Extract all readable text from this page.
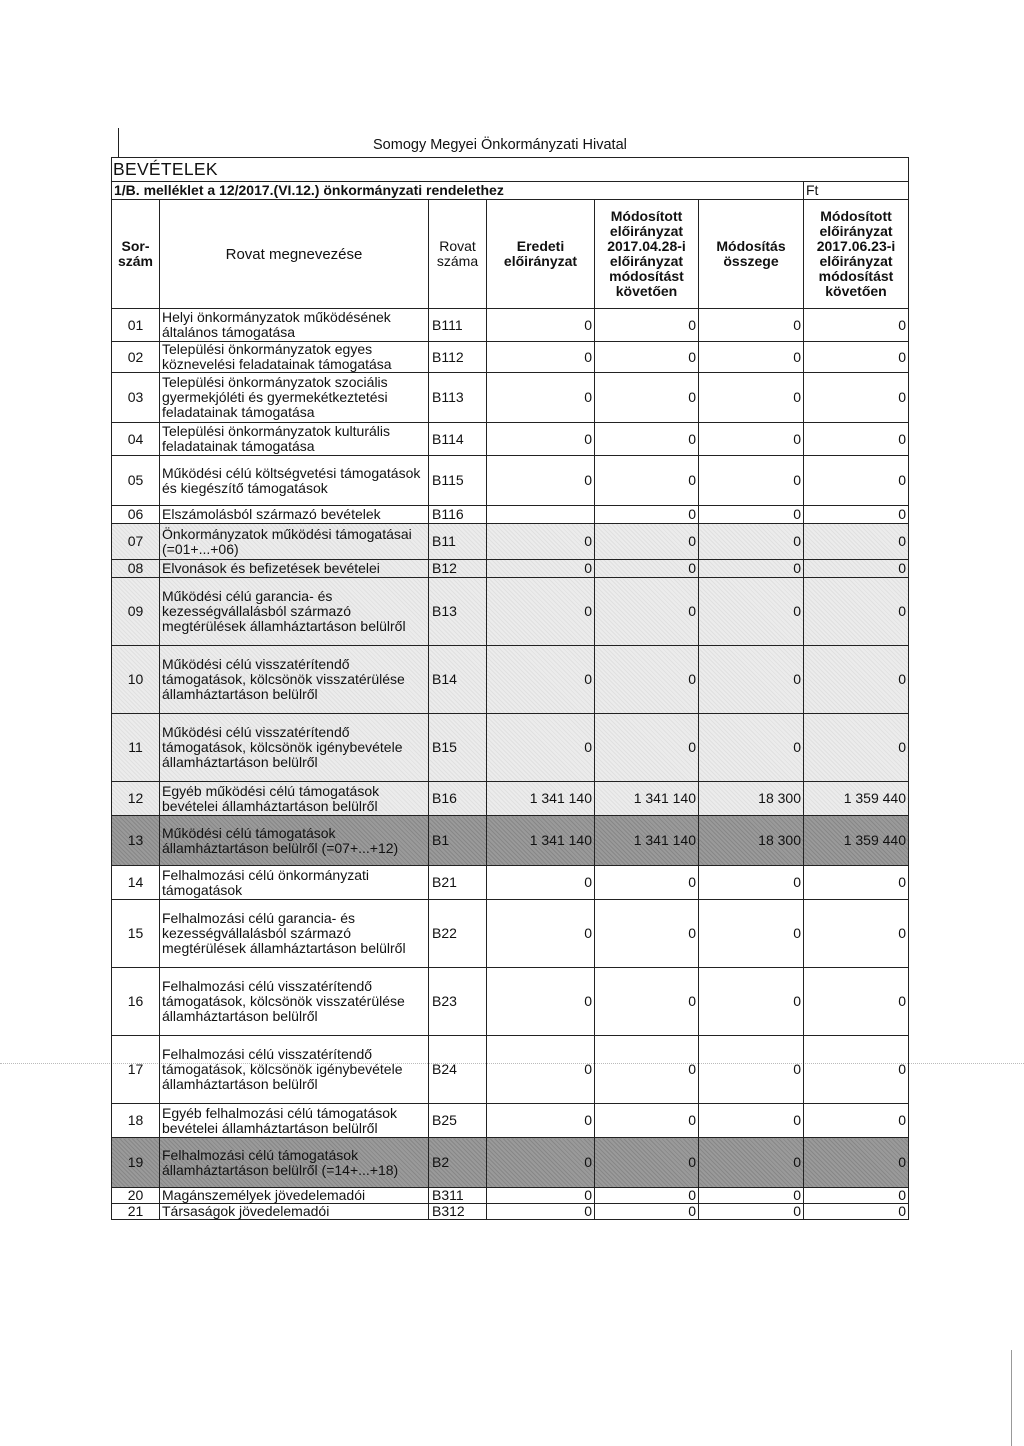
Somogy Megyei Önkormányzati Hivatal
BEVÉTELEK						
1/B. melléklet a 12/2017.(VI.12.) önkormányzati rendelethez						Ft
Sor-szám	Rovat megnevezése	Rovat száma	Eredeti előirányzat	Módosított előirányzat 2017.04.28-i előirányzat módosítást követően	Módosítás összege	Módosított előirányzat 2017.06.23-i előirányzat módosítást követően
01	Helyi önkormányzatok működésének általános támogatása	B111	0	0	0	0
02	Települési önkormányzatok egyes köznevelési feladatainak támogatása	B112	0	0	0	0
03	Települési önkormányzatok szociális gyermekjóléti és gyermekétkeztetési feladatainak támogatása	B113	0	0	0	0
04	Települési önkormányzatok kulturális feladatainak támogatása	B114	0	0	0	0
05	Működési célú költségvetési támogatások és kiegészítő támogatások	B115	0	0	0	0
06	Elszámolásból származó bevételek	B116		0	0	0
07	Önkormányzatok működési támogatásai (=01+...+06)	B11	0	0	0	0
08	Elvonások és befizetések bevételei	B12	0	0	0	0
09	Működési célú garancia- és kezességvállalásból származó megtérülések államháztartáson belülről	B13	0	0	0	0
10	Működési célú visszatérítendő támogatások, kölcsönök visszatérülése államháztartáson belülről	B14	0	0	0	0
11	Működési célú visszatérítendő támogatások, kölcsönök igénybevétele államháztartáson belülről	B15	0	0	0	0
12	Egyéb működési célú támogatások bevételei államháztartáson belülről	B16	1 341 140	1 341 140	18 300	1 359 440
13	Működési célú támogatások államháztartáson belülről (=07+...+12)	B1	1 341 140	1 341 140	18 300	1 359 440
14	Felhalmozási célú önkormányzati támogatások	B21	0	0	0	0
15	Felhalmozási célú garancia- és kezességvállalásból származó megtérülések államháztartáson belülről	B22	0	0	0	0
16	Felhalmozási célú visszatérítendő támogatások, kölcsönök visszatérülése államháztartáson belülről	B23	0	0	0	0
17	Felhalmozási célú visszatérítendő támogatások, kölcsönök igénybevétele államháztartáson belülről	B24	0	0	0	0
18	Egyéb felhalmozási célú támogatások bevételei államháztartáson belülről	B25	0	0	0	0
19	Felhalmozási célú támogatások államháztartáson belülről (=14+...+18)	B2	0	0	0	0
20	Magánszemélyek jövedelemadói	B311	0	0	0	0
21	Társaságok jövedelemadói	B312	0	0	0	0
